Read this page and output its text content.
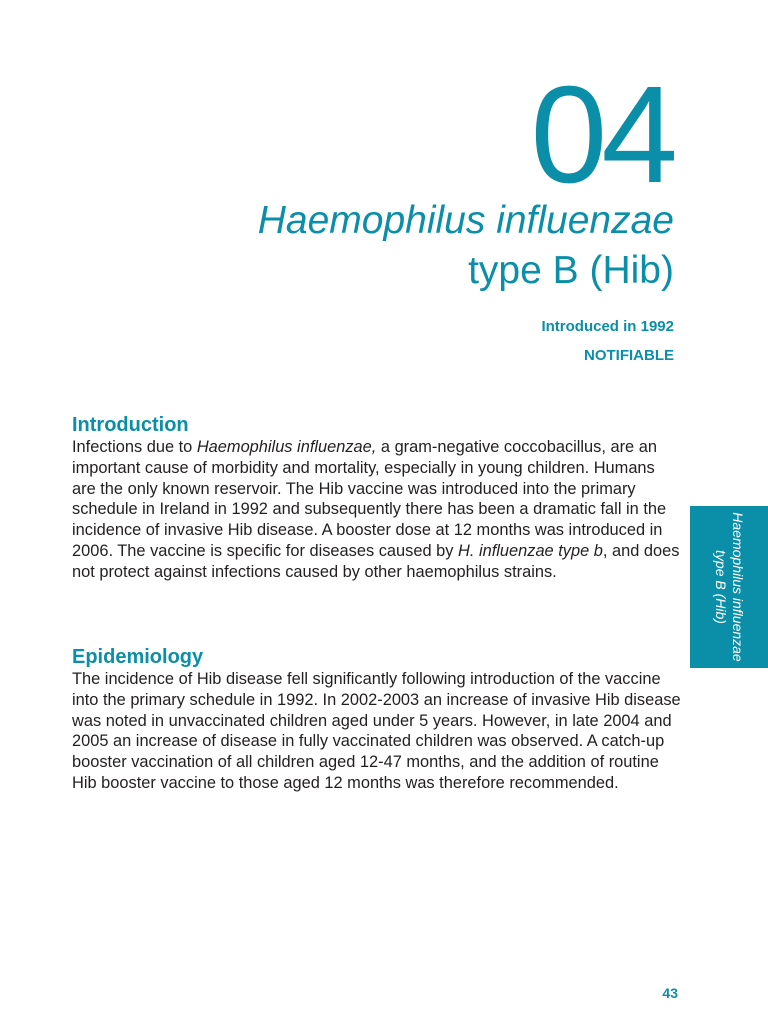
04
Haemophilus influenzae
type B (Hib)
Introduced in 1992
NOTIFIABLE
Introduction

Infections due to Haemophilus influenzae, a gram-negative coccobacillus, are an important cause of morbidity and mortality, especially in young children. Humans are the only known reservoir. The Hib vaccine was introduced into the primary schedule in Ireland in 1992 and subsequently there has been a dramatic fall in the incidence of invasive Hib disease. A booster dose at 12 months was introduced in 2006. The vaccine is specific for diseases caused by H. influenzae type b, and does not protect against infections caused by other haemophilus strains.

Epidemiology

The incidence of Hib disease fell significantly following introduction of the vaccine into the primary schedule in 1992. In 2002-2003 an increase of invasive Hib disease was noted in unvaccinated children aged under 5 years. However, in late 2004 and 2005 an increase of disease in fully vaccinated children was observed. A catch-up booster vaccination of all children aged 12-47 months, and the addition of routine Hib booster vaccine to those aged 12 months was therefore recommended.

Haemophilus influenzae type B (Hib)
43
